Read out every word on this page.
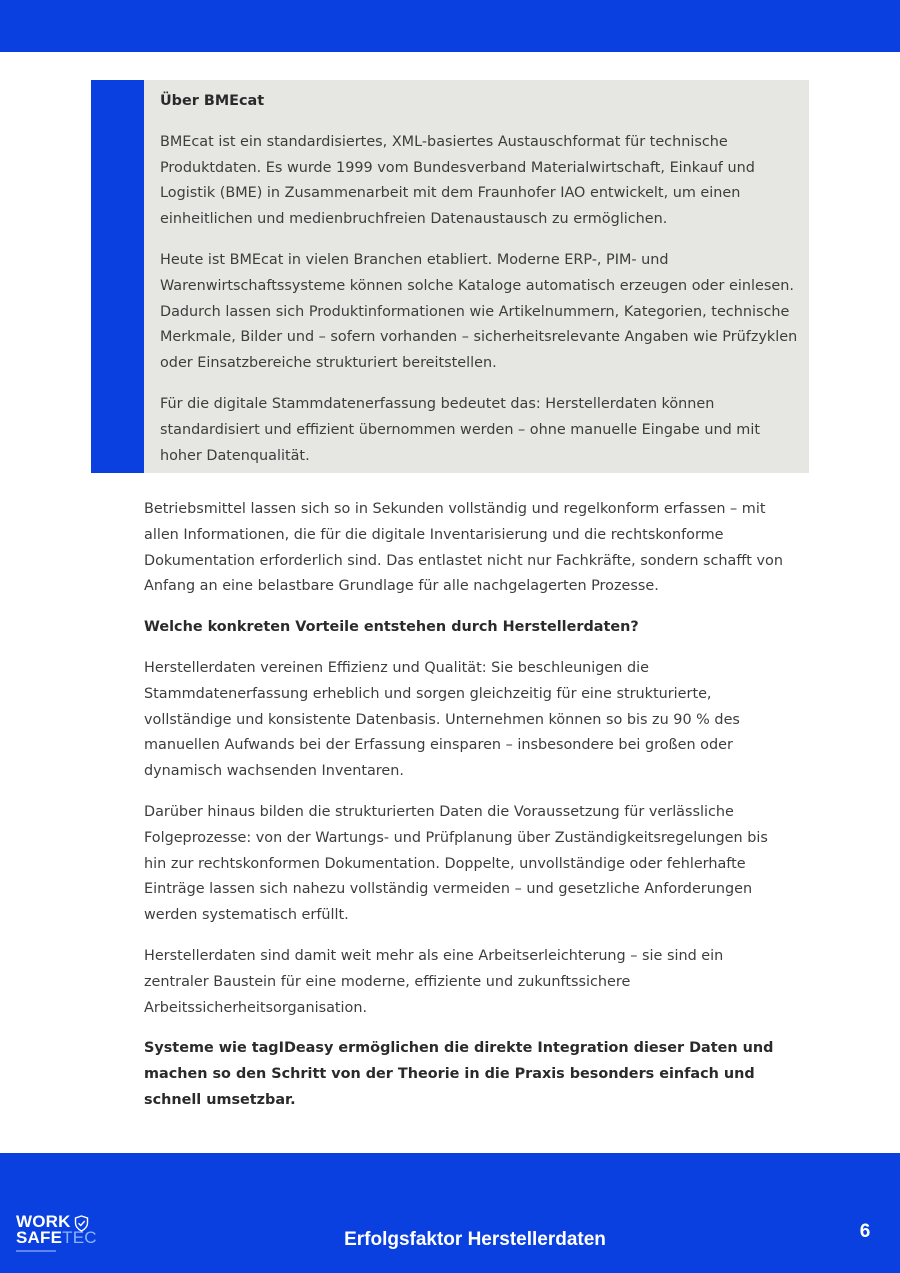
Über BMEcat

BMEcat ist ein standardisiertes, XML-basiertes Austauschformat für technische Produktdaten. Es wurde 1999 vom Bundesverband Materialwirtschaft, Einkauf und Logistik (BME) in Zusammenarbeit mit dem Fraunhofer IAO entwickelt, um einen einheitlichen und medienbruchfreien Datenaustausch zu ermöglichen.

Heute ist BMEcat in vielen Branchen etabliert. Moderne ERP-, PIM- und Warenwirtschaftssysteme können solche Kataloge automatisch erzeugen oder einlesen. Dadurch lassen sich Produktinformationen wie Artikelnummern, Kategorien, technische Merkmale, Bilder und – sofern vorhanden – sicherheitsrelevante Angaben wie Prüfzyklen oder Einsatzbereiche strukturiert bereitstellen.

Für die digitale Stammdatenerfassung bedeutet das: Herstellerdaten können standardisiert und effizient übernommen werden – ohne manuelle Eingabe und mit hoher Datenqualität.

Betriebsmittel lassen sich so in Sekunden vollständig und regelkonform erfassen – mit allen Informationen, die für die digitale Inventarisierung und die rechtskonforme Dokumentation erforderlich sind. Das entlastet nicht nur Fachkräfte, sondern schafft von Anfang an eine belastbare Grundlage für alle nachgelagerten Prozesse.

Welche konkreten Vorteile entstehen durch Herstellerdaten?

Herstellerdaten vereinen Effizienz und Qualität: Sie beschleunigen die Stammdatenerfassung erheblich und sorgen gleichzeitig für eine strukturierte, vollständige und konsistente Datenbasis. Unternehmen können so bis zu 90 % des manuellen Aufwands bei der Erfassung einsparen – insbesondere bei großen oder dynamisch wachsenden Inventaren.

Darüber hinaus bilden die strukturierten Daten die Voraussetzung für verlässliche Folgeprozesse: von der Wartungs- und Prüfplanung über Zuständigkeitsregelungen bis hin zur rechtskonformen Dokumentation. Doppelte, unvollständige oder fehlerhafte Einträge lassen sich nahezu vollständig vermeiden – und gesetzliche Anforderungen werden systematisch erfüllt.

Herstellerdaten sind damit weit mehr als eine Arbeitserleichterung – sie sind ein zentraler Baustein für eine moderne, effiziente und zukunftssichere Arbeitssicherheitsorganisation.

Systeme wie tagIDeasy ermöglichen die direkte Integration dieser Daten und machen so den Schritt von der Theorie in die Praxis besonders einfach und schnell umsetzbar.

WORK
SAFETEC	Erfolgsfaktor Herstellerdaten	6
